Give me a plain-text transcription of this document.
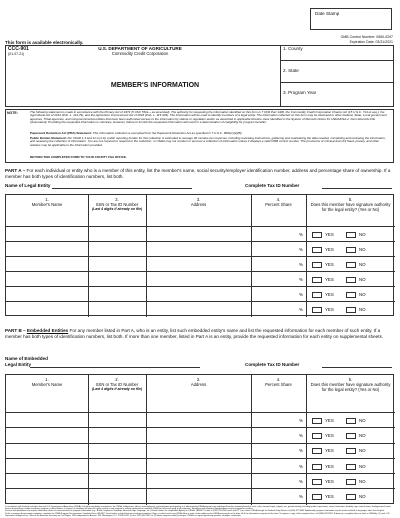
Date Stamp
This form is available electronically.
OMB Control Number: 0560-0297
Expiration Date: 03/31/2021
CCC-901
(01-07-21)
U.S. DEPARTMENT OF AGRICULTURE
Commodity Credit Corporation
MEMBER'S INFORMATION
1. County
2. State
3. Program Year
NOTE:	The following statement is made in accordance with the Privacy Act of 1974 (5 USC 552a – as amended). The authority for requesting the information identified on this form is 7 CFR Part 1400, the Commodity Credit Corporation Charter Act (15 U.S.C. 714 et seq.), the Agricultural Act of 2014 (Pub. L. 113-79), and the Agriculture Improvement Act of 2018 (Pub. L. 115-334). The information will be used to identify members of a legal entity. The information collected on this form may be disclosed to other Federal, State, Local government agencies, Tribal agencies, and nongovernmental entities that have been authorized access to the information by statute or regulation and/or as described in applicable Routine Uses identified in the System of Records Notice for USDA/FSA-2, Farm Records File (Automated). Providing the requested information is voluntary. However, failure to furnish the requested information will result in a determination of ineligibility for program benefits.
Paperwork Reduction Act (PRA) Statement: This information collection is exempted from the Paperwork Reduction Act as specified in 7 U.S.C. 9091(c)(2)(B).
Public Burden Statement: Per CFAR 1.3 and 11.A (1-6), public reporting burden for this collection is estimated to average 30 minutes per response, including reviewing instructions, gathering and maintaining the data needed, completing and reviewing the information, and reviewing the collection of information. You are not required to respond to the collection, or USDA may not conduct or sponsor a collection of information unless it displays a valid OMB control number. The provisions of criminal and civil fraud, privacy, and other statutes may be applicable to the information provided.
RETURN THIS COMPLETED FORM TO YOUR COUNTY FSA OFFICE.
PART A – For each individual or entity who is a member of this entity, list the member's name, social security/employer identification number, address and percentage share of ownership. If a member has both types of identification numbers, list both.
Name of Legal Entity	Complete Tax ID Number
1.
Member's Name
2.
SSN or Tax ID Number
(Last 4 digits if already on file)
3.
Address
4.
Percent Share
5.
Does this member have signature authority for the legal entity? (Yes or No)
%	YES	NO
%	YES	NO
%	YES	NO
%	YES	NO
%	YES	NO
%	YES	NO
PART B – Embedded Entities For any member listed in Part A, who is an entity, list such embedded entity's name and list the requested information for each member of such entity. If a member has both types of identification numbers, list both. If more than one member, listed in Part A is an entity, provide the requested information for each entity on supplemental sheets.
Name of Embedded
Legal Entity	Complete Tax ID Number
1.
Member's Name
2.
SSN or Tax ID Number
(Last 4 digits if already on file)
3.
Address
4.
Percent Share
5.
Does this member have signature authority for the legal entity? (Yes or No)
%	YES	NO
%	YES	NO
%	YES	NO
%	YES	NO
%	YES	NO
%	YES	NO
In accordance with Federal civil rights law and U.S. Department of Agriculture (USDA) civil rights regulations and policies, the USDA, its Agencies, offices, and employees, and institutions participating in or administering USDA programs are prohibited from discriminating based on race, color, national origin, religion, sex, gender identity (including gender expression), sexual orientation, disability, age, marital status, family/parental status, income derived from a public assistance program, political beliefs, or reprisal or retaliation for prior civil rights activity, in any program or activity conducted or funded by USDA (not all bases apply to all programs). Remedies and complaint filing deadlines vary by program or incident.
Persons with disabilities who require alternative means of communication for program information (e.g., Braille, large print, audiotape, American Sign Language, etc.) should contact the responsible Agency or USDA's TARGET Center at (202) 720-2600 (voice and TTY) or contact USDA through the Federal Relay Service at (800) 877-8339. Additionally, program information may be made available in languages other than English.
To file a program discrimination complaint, complete the USDA Program Discrimination Complaint Form, AD-3027, found online at http://www.ascr.usda.gov/complaint_filing_cust.html and at any USDA office or write a letter addressed to USDA and provide in the letter all of the information requested in the form. To request a copy of the complaint form, call (866) 632-9992. Submit your completed form or letter to USDA by: (1) mail: U.S. Department of Agriculture, Office of the Assistant Secretary for Civil Rights, 1400 Independence Avenue, SW, Washington, D.C. 20250-9410; (2) fax: (202) 690-7442; or (3) email: program.intake@usda.gov. USDA is an equal opportunity provider, employer, and lender.
